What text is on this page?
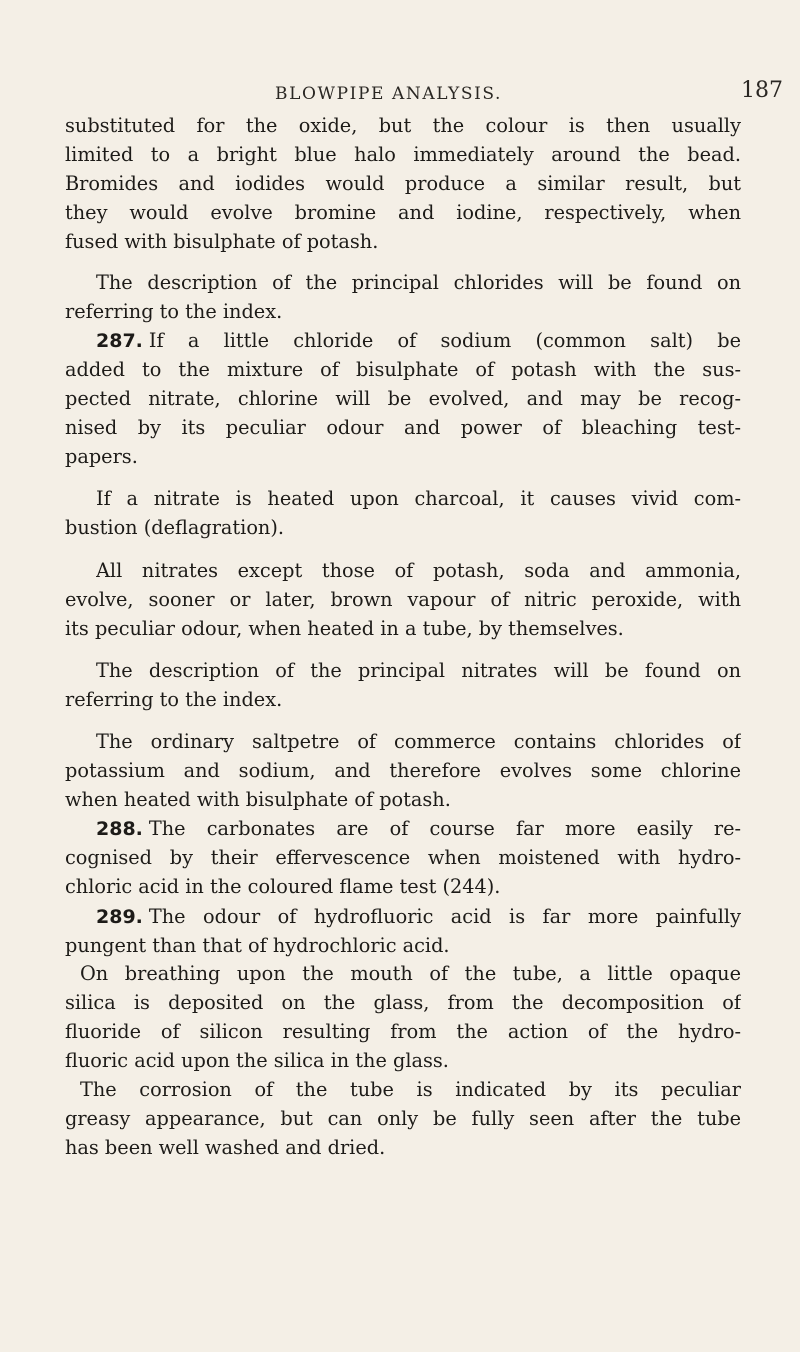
BLOWPIPE ANALYSIS.	187
substituted for the oxide, but the colour is then usually
limited to a bright blue halo immediately around the bead.
Bromides and iodides would produce a similar result, but
they would evolve bromine and iodine, respectively, when
fused with bisulphate of potash.
The description of the principal chlorides will be found on
referring to the index.
287. If a little chloride of sodium (common salt) be
added to the mixture of bisulphate of potash with the sus-
pected nitrate, chlorine will be evolved, and may be recog-
nised by its peculiar odour and power of bleaching test-
papers.
If a nitrate is heated upon charcoal, it causes vivid com-
bustion (deflagration).
All nitrates except those of potash, soda and ammonia,
evolve, sooner or later, brown vapour of nitric peroxide, with
its peculiar odour, when heated in a tube, by themselves.
The description of the principal nitrates will be found on
referring to the index.
The ordinary saltpetre of commerce contains chlorides of
potassium and sodium, and therefore evolves some chlorine
when heated with bisulphate of potash.
288. The carbonates are of course far more easily re-
cognised by their effervescence when moistened with hydro-
chloric acid in the coloured flame test (244).
289. The odour of hydrofluoric acid is far more painfully
pungent than that of hydrochloric acid.
On breathing upon the mouth of the tube, a little opaque
silica is deposited on the glass, from the decomposition of
fluoride of silicon resulting from the action of the hydro-
fluoric acid upon the silica in the glass.
The corrosion of the tube is indicated by its peculiar
greasy appearance, but can only be fully seen after the tube
has been well washed and dried.
